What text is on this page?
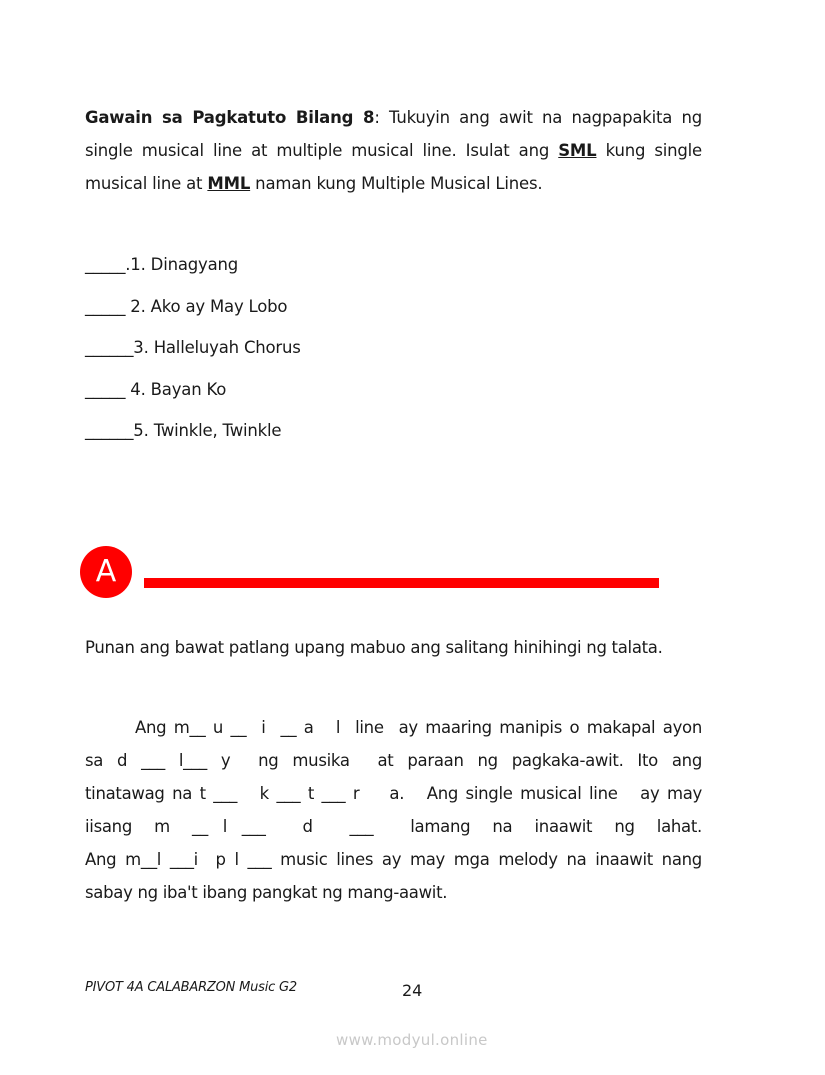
Gawain sa Pagkatuto Bilang 8: Tukuyin ang awit na nagpapakita ng single musical line at multiple musical line. Isulat ang SML kung single musical line at MML naman kung Multiple Musical Lines.
_____.1. Dinagyang
_____ 2. Ako ay May Lobo
______3. Halleluyah Chorus
_____ 4. Bayan Ko
______5. Twinkle, Twinkle
A
Punan ang bawat patlang upang mabuo ang salitang hinihingi ng talata.
Ang m__ u __  i  __ a   l  line  ay maaring manipis o makapal ayon
sa  d  ___  l___  y    ng  musika    at  paraan  ng  pagkaka-awit.  Ito  ang
tinatawag na t ___   k ___ t ___ r    a.   Ang single musical line   ay may
iisang   m   __  l  ___     d     ___     lamang   na   inaawit   ng   lahat.
Ang m__l ___i  p l ___ music lines ay may mga melody na inaawit nang
sabay ng iba't ibang pangkat ng mang-aawit.
PIVOT 4A CALABARZON Music G2	24
www.modyul.online
